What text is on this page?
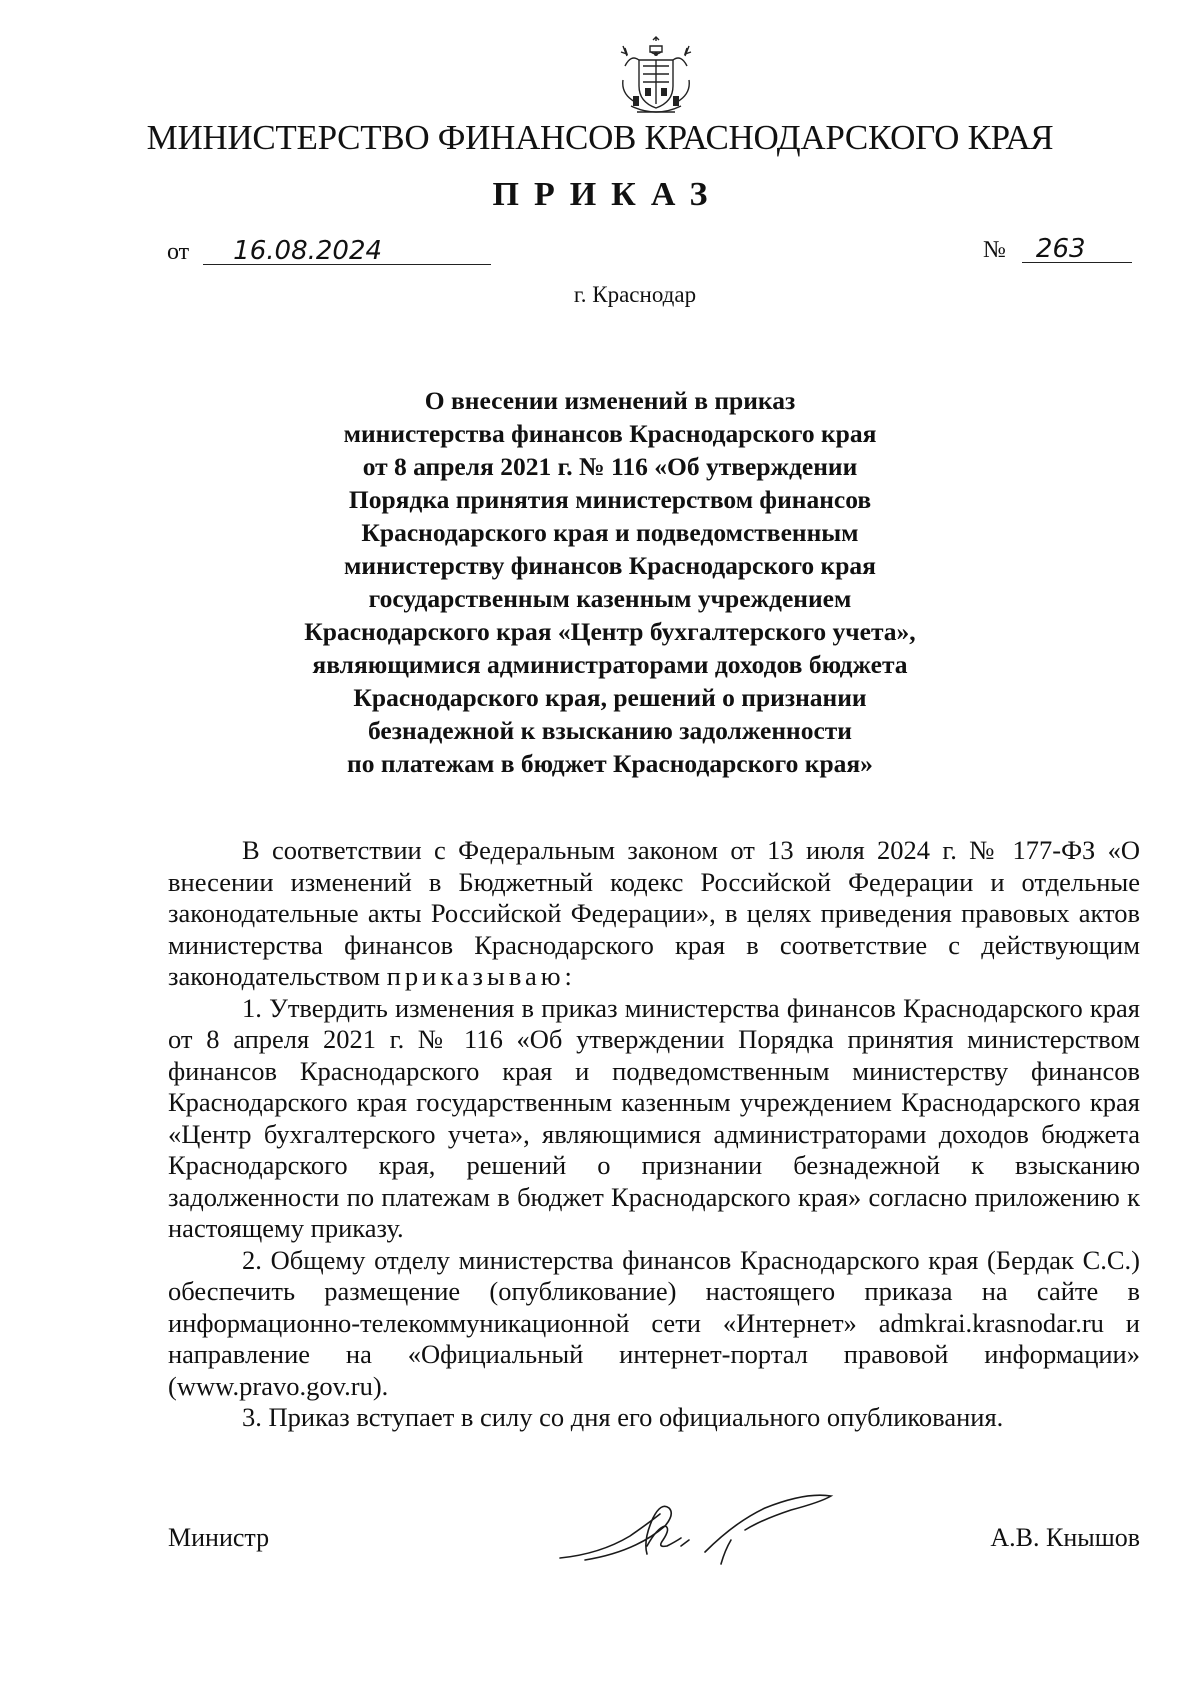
МИНИСТЕРСТВО ФИНАНСОВ КРАСНОДАРСКОГО КРАЯ
ПРИКАЗ
от 16.08.2024	№ 263
г. Краснодар
О внесении изменений в приказ
министерства финансов Краснодарского края
от 8 апреля 2021 г. № 116 «Об утверждении
Порядка принятия министерством финансов
Краснодарского края и подведомственным
министерству финансов Краснодарского края
государственным казенным учреждением
Краснодарского края «Центр бухгалтерского учета»,
являющимися администраторами доходов бюджета
Краснодарского края, решений о признании
безнадежной к взысканию задолженности
по платежам в бюджет Краснодарского края»
В соответствии с Федеральным законом от 13 июля 2024 г. № 177-ФЗ «О внесении изменений в Бюджетный кодекс Российской Федерации и отдельные законодательные акты Российской Федерации», в целях приведения правовых актов министерства финансов Краснодарского края в соответствие с действующим законодательством приказываю:
1. Утвердить изменения в приказ министерства финансов Краснодарского края от 8 апреля 2021 г. № 116 «Об утверждении Порядка принятия министерством финансов Краснодарского края и подведомственным министерству финансов Краснодарского края государственным казенным учреждением Краснодарского края «Центр бухгалтерского учета», являющимися администраторами доходов бюджета Краснодарского края, решений о признании безнадежной к взысканию задолженности по платежам в бюджет Краснодарского края» согласно приложению к настоящему приказу.
2. Общему отделу министерства финансов Краснодарского края (Бердак С.С.) обеспечить размещение (опубликование) настоящего приказа на сайте в информационно-телекоммуникационной сети «Интернет» admkrai.krasnodar.ru и направление на «Официальный интернет-портал правовой информации» (www.pravo.gov.ru).
3. Приказ вступает в силу со дня его официального опубликования.
Министр	А.В. Кнышов
